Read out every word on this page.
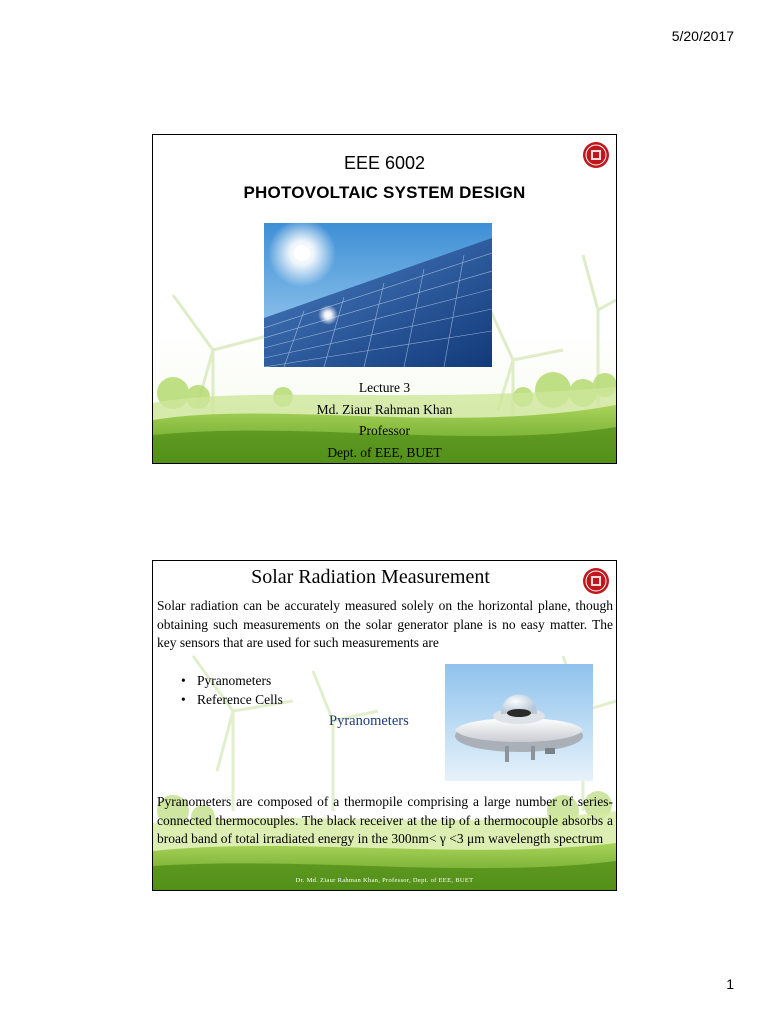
5/20/2017
EEE 6002
PHOTOVOLTAIC SYSTEM DESIGN
Lecture 3
Md. Ziaur Rahman Khan
Professor
Dept. of EEE, BUET
Solar Radiation Measurement
Solar radiation can be accurately measured solely on the horizontal plane, though obtaining such measurements on the solar generator plane is no easy matter. The key sensors that are used for such measurements are
• Pyranometers
• Reference Cells
Pyranometers
Pyranometers are composed of a thermopile comprising a large number of series-connected thermocouples. The black receiver at the tip of a thermocouple absorbs a broad band of total irradiated energy in the 300nm< γ <3 μm wavelength spectrum
Dr. Md. Ziaur Rahman Khan, Professor, Dept. of EEE, BUET
1
